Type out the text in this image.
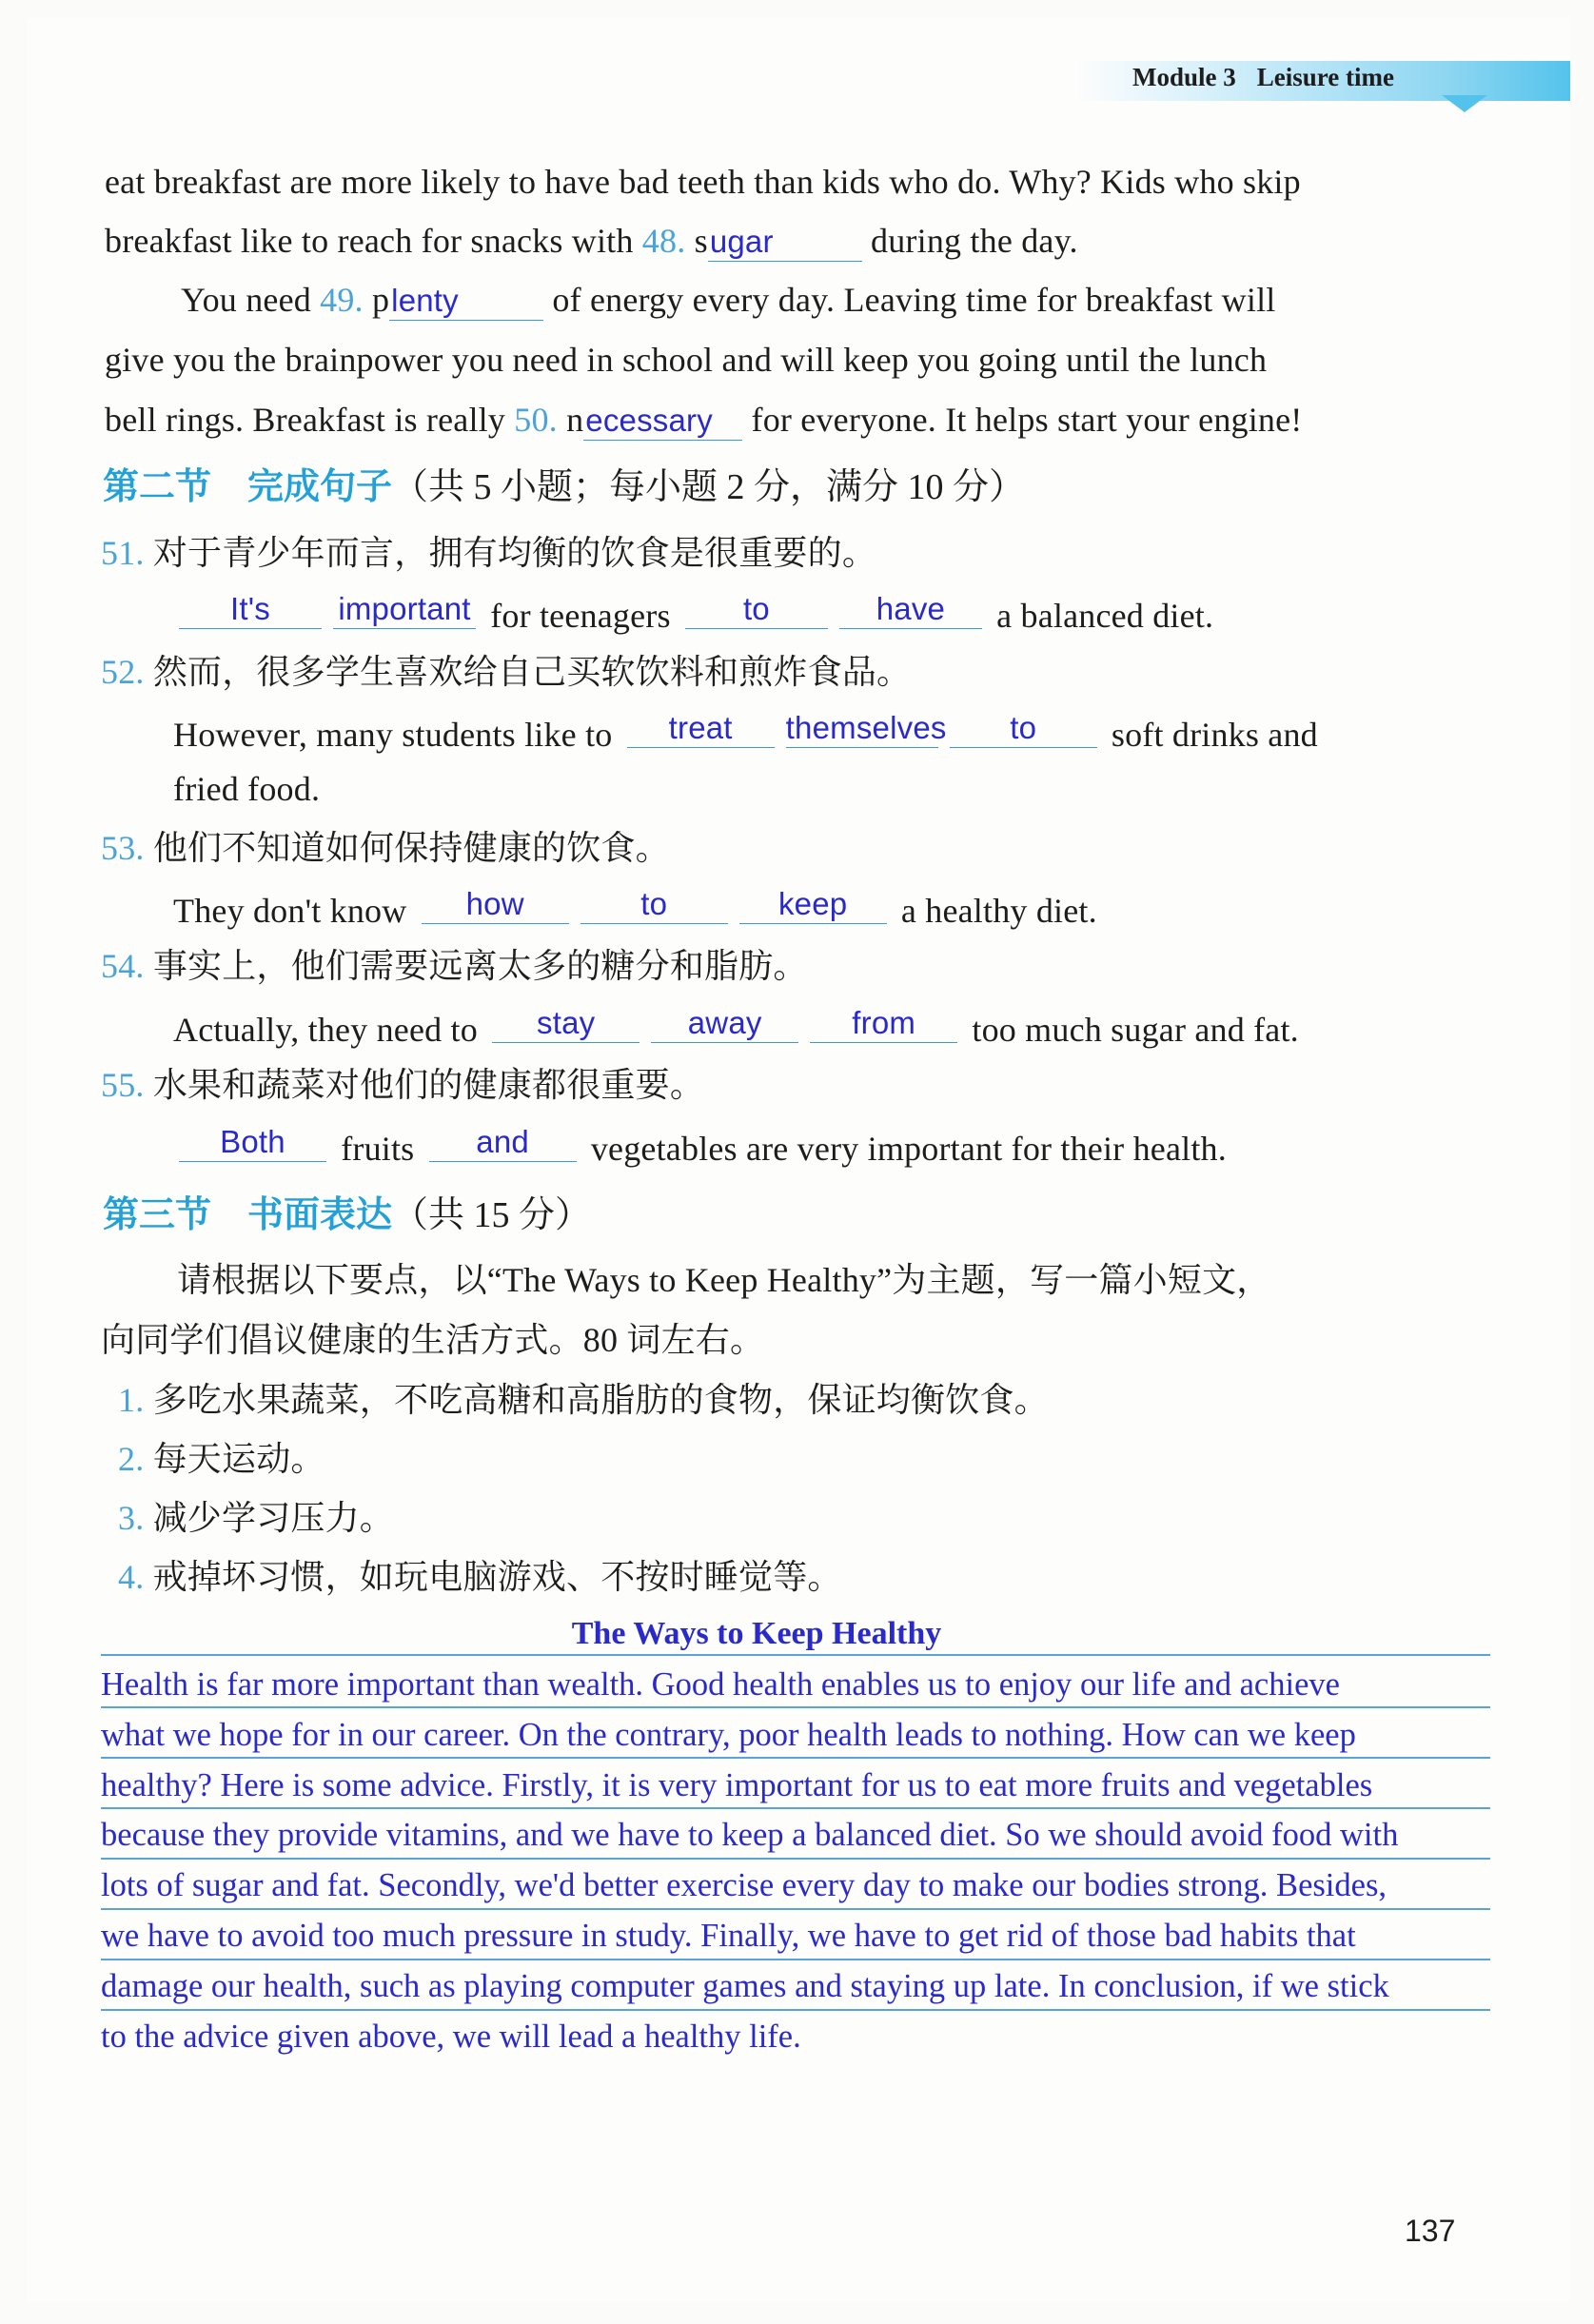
Module 3 Leisure time
eat breakfast are more likely to have bad teeth than kids who do. Why? Kids who skip
breakfast like to reach for snacks with 48. sugar	during the day.
You need 49. plenty	of energy every day. Leaving time for breakfast will
give you the brainpower you need in school and will keep you going until the lunch
bell rings. Breakfast is really 50. necessary for everyone. It helps start your engine!
第二节　完成句子（共 5 小题；每小题 2 分，满分 10 分）
51. 对于青少年而言，拥有均衡的饮食是很重要的。
It's important for teenagers to	have a balanced diet.
52. 然而，很多学生喜欢给自己买软饮料和煎炸食品。
However, many students like to treat themselves to soft drinks and
fried food.
53. 他们不知道如何保持健康的饮食。
They don't know how	to	keep a healthy diet.
54. 事实上，他们需要远离太多的糖分和脂肪。
Actually, they need to stay	away	from too much sugar and fat.
55. 水果和蔬菜对他们的健康都很重要。
Both fruits and vegetables are very important for their health.
第三节　书面表达（共 15 分）
请根据以下要点，以“The Ways to Keep Healthy”为主题，写一篇小短文，
向同学们倡议健康的生活方式。80 词左右。
1. 多吃水果蔬菜，不吃高糖和高脂肪的食物，保证均衡饮食。
2. 每天运动。
3. 减少学习压力。
4. 戒掉坏习惯，如玩电脑游戏、不按时睡觉等。
The Ways to Keep Healthy
Health is far more important than wealth. Good health enables us to enjoy our life and achieve
what we hope for in our career. On the contrary, poor health leads to nothing. How can we keep
healthy? Here is some advice. Firstly, it is very important for us to eat more fruits and vegetables
because they provide vitamins, and we have to keep a balanced diet. So we should avoid food with
lots of sugar and fat. Secondly, we'd better exercise every day to make our bodies strong. Besides,
we have to avoid too much pressure in study. Finally, we have to get rid of those bad habits that
damage our health, such as playing computer games and staying up late. In conclusion, if we stick
to the advice given above, we will lead a healthy life.
137
